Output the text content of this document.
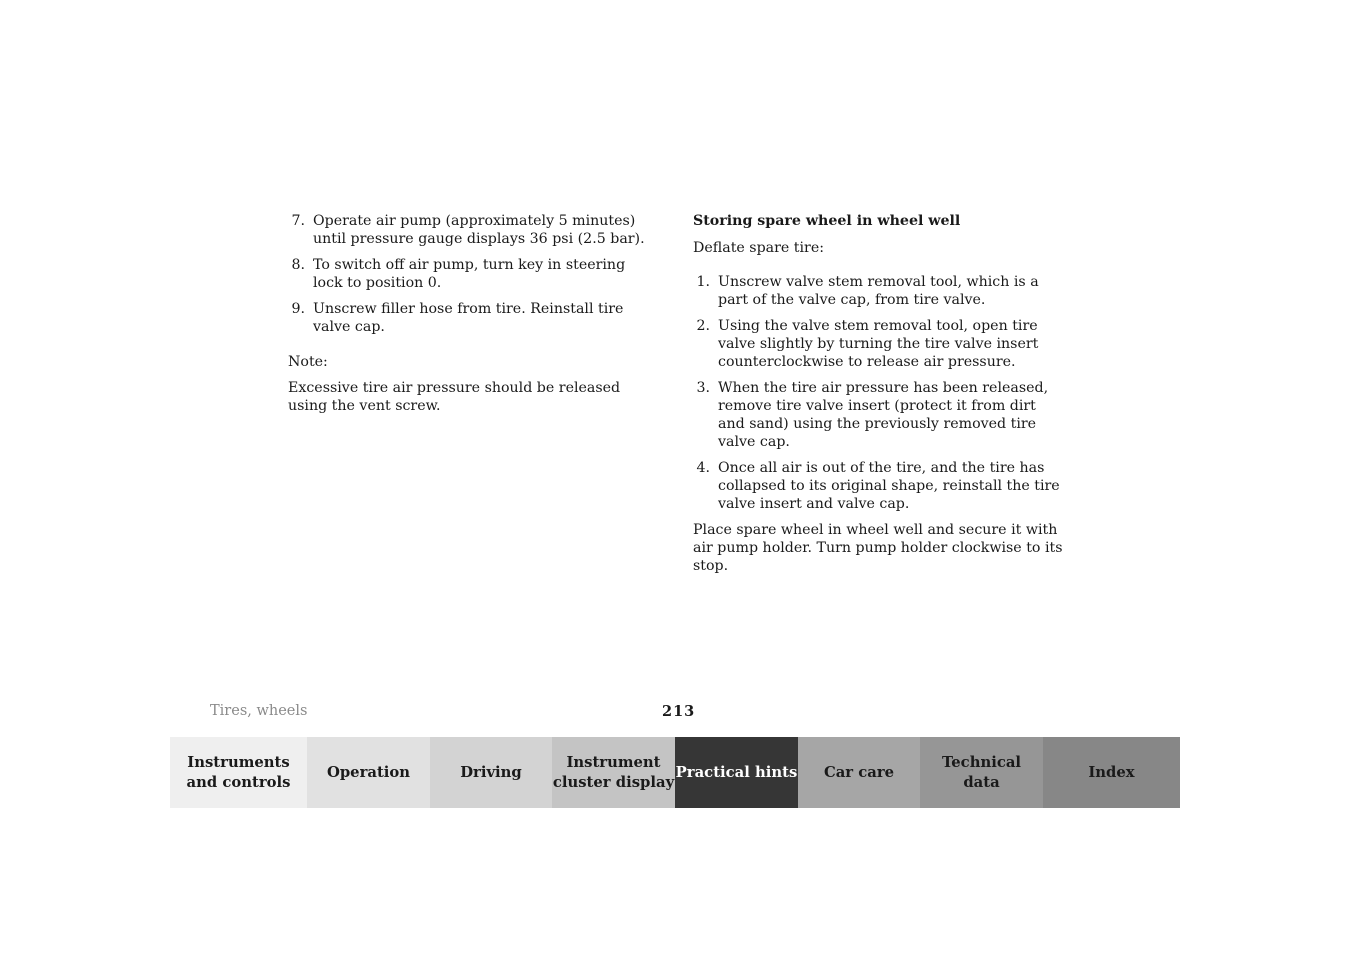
7. Operate air pump (approximately 5 minutes) until pressure gauge displays 36 psi (2.5 bar).
8. To switch off air pump, turn key in steering lock to position 0.
9. Unscrew filler hose from tire. Reinstall tire valve cap.

Note:

Excessive tire air pressure should be released using the vent screw.

Storing spare wheel in wheel well

Deflate spare tire:

1. Unscrew valve stem removal tool, which is a part of the valve cap, from tire valve.
2. Using the valve stem removal tool, open tire valve slightly by turning the tire valve insert counterclockwise to release air pressure.
3. When the tire air pressure has been released, remove tire valve insert (protect it from dirt and sand) using the previously removed tire valve cap.
4. Once all air is out of the tire, and the tire has collapsed to its original shape, reinstall the tire valve insert and valve cap.

Place spare wheel in wheel well and secure it with air pump holder. Turn pump holder clockwise to its stop.

Tires, wheels	213
Instruments
and controls
Operation	Driving
Instrument
cluster display
Practical hints Car care
Technical
data
Index
